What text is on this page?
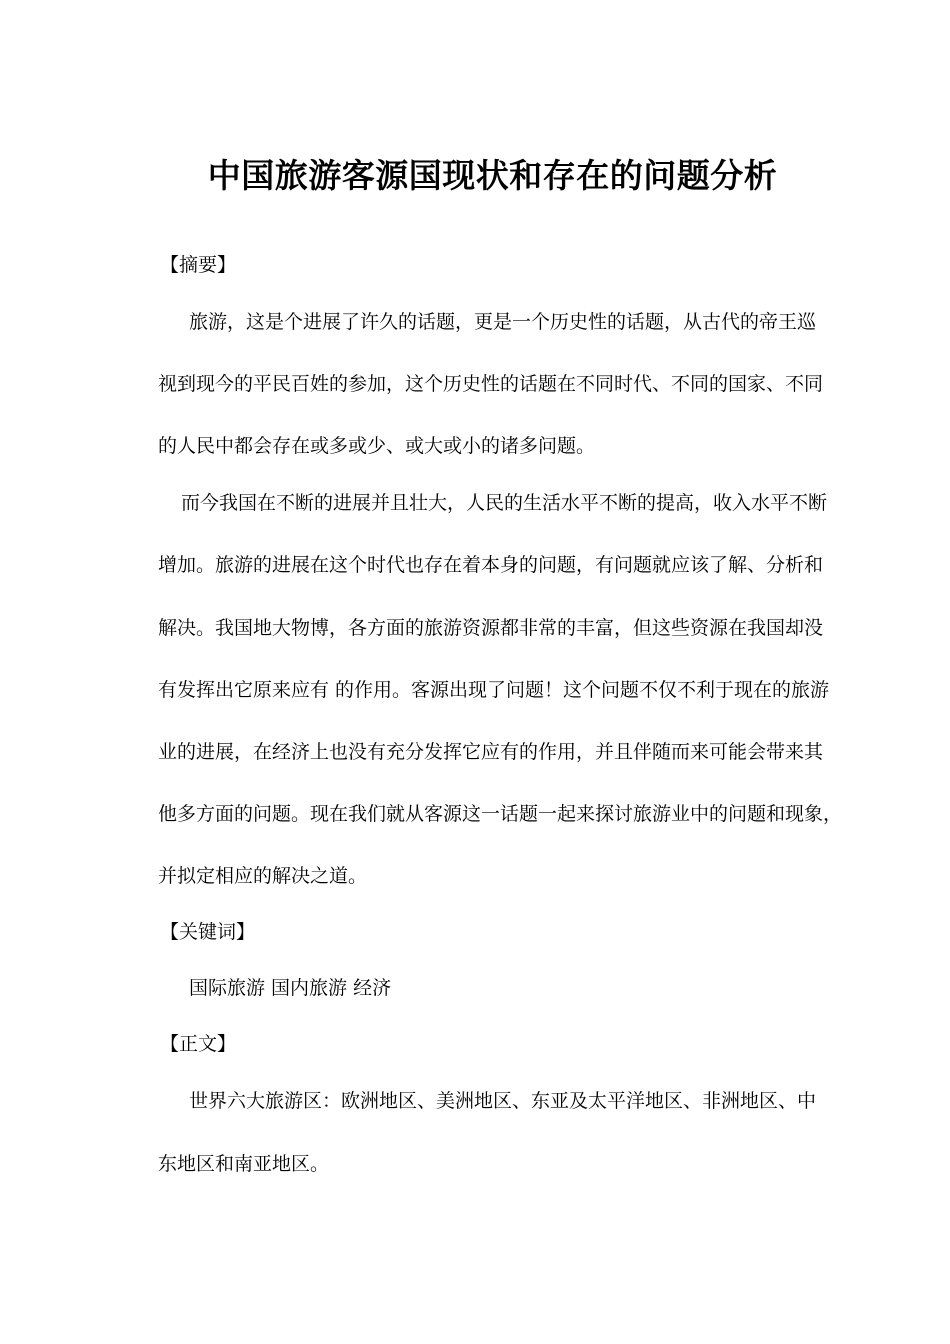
中国旅游客源国现状和存在的问题分析
【摘要】
　旅游，这是个进展了许久的话题，更是一个历史性的话题，从古代的帝王巡
视到现今的平民百姓的参加，这个历史性的话题在不同时代、不同的国家、不同
的人民中都会存在或多或少、或大或小的诸多问题。
　而今我国在不断的进展并且壮大，人民的生活水平不断的提高，收入水平不断
增加。旅游的进展在这个时代也存在着本身的问题，有问题就应该了解、分析和
解决。我国地大物博，各方面的旅游资源都非常的丰富，但这些资源在我国却没
有发挥出它原来应有 的作用。客源出现了问题！这个问题不仅不利于现在的旅游
业的进展，在经济上也没有充分发挥它应有的作用，并且伴随而来可能会带来其
他多方面的问题。现在我们就从客源这一话题一起来探讨旅游业中的问题和现象，
并拟定相应的解决之道。
【关键词】
　国际旅游 国内旅游 经济
【正文】
　世界六大旅游区：欧洲地区、美洲地区、东亚及太平洋地区、非洲地区、中
东地区和南亚地区。
